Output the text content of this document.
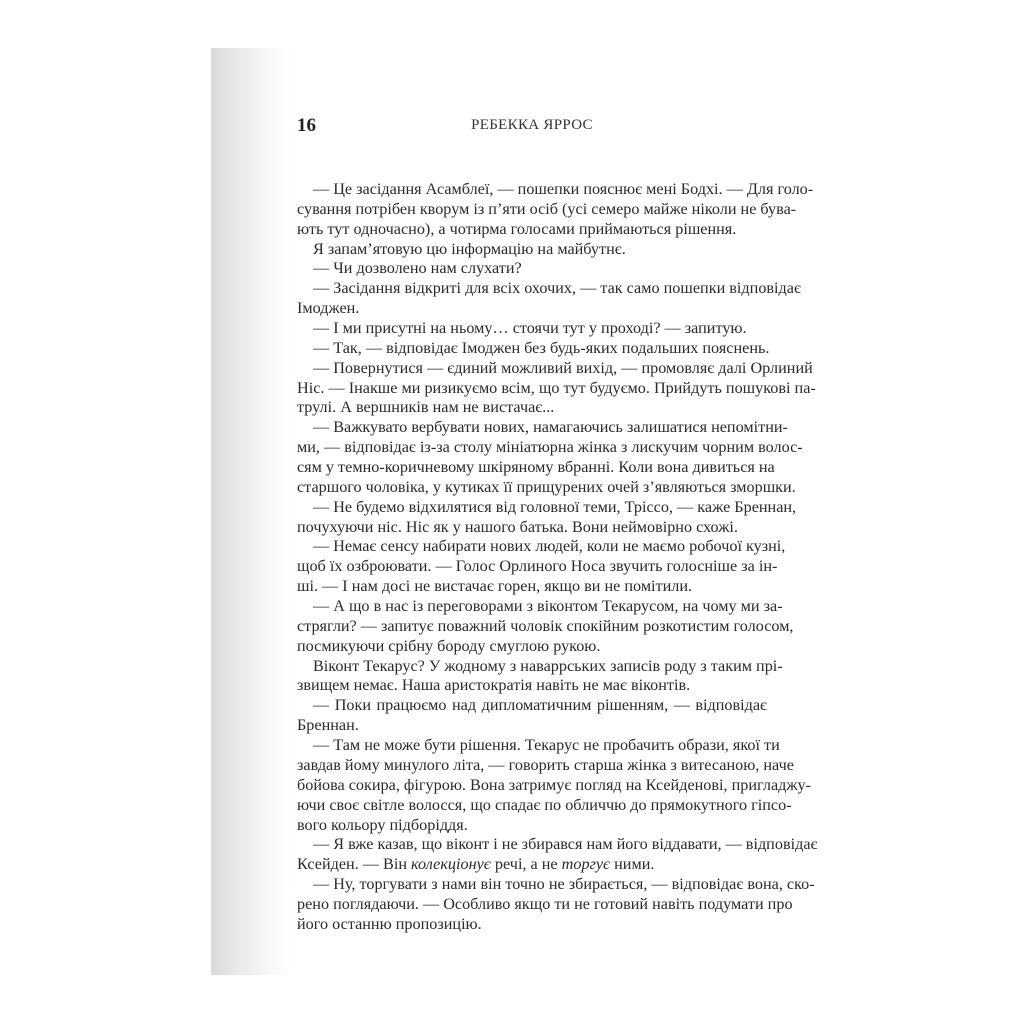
16	РЕБЕККА ЯРРОС
— Це засідання Асамблеї, — пошепки пояснює мені Бодхі. — Для голо-
сування потрібен кворум із п’яти осіб (усі семеро майже ніколи не бува-
ють тут одночасно), а чотирма голосами приймаються рішення.
Я запам’ятовую цю інформацію на майбутнє.
— Чи дозволено нам слухати?
— Засідання відкриті для всіх охочих, — так само пошепки відповідає
Імоджен.
— І ми присутні на ньому… стоячи тут у проході? — запитую.
— Так, — відповідає Імоджен без будь-яких подальших пояснень.
— Повернутися — єдиний можливий вихід, — промовляє далі Орлиний
Ніс. — Інакше ми ризикуємо всім, що тут будуємо. Прийдуть пошукові па-
трулі. А вершників нам не вистачає...
— Важкувато вербувати нових, намагаючись залишатися непомітни-
ми, — відповідає із-за столу мініатюрна жінка з лискучим чорним волос-
сям у темно-коричневому шкіряному вбранні. Коли вона дивиться на
старшого чоловіка, у кутиках її прищурених очей з’являються зморшки.
— Не будемо відхилятися від головної теми, Тріссо, — каже Бреннан,
почухуючи ніс. Ніс як у нашого батька. Вони неймовірно схожі.
— Немає сенсу набирати нових людей, коли не маємо робочої кузні,
щоб їх озброювати. — Голос Орлиного Носа звучить голосніше за ін-
ші. — І нам досі не вистачає горен, якщо ви не помітили.
— А що в нас із переговорами з віконтом Текарусом, на чому ми за-
стрягли? — запитує поважний чоловік спокійним розкотистим голосом,
посмикуючи срібну бороду смуглою рукою.
Віконт Текарус? У жодному з наваррських записів роду з таким прі-
звищем немає. Наша аристократія навіть не має віконтів.
— Поки працюємо над дипломатичним рішенням, — відповідає
Бреннан.
— Там не може бути рішення. Текарус не пробачить образи, якої ти
завдав йому минулого літа, — говорить старша жінка з витесаною, наче
бойова сокира, фігурою. Вона затримує погляд на Ксейденові, пригладжу-
ючи своє світле волосся, що спадає по обличчю до прямокутного гіпсо-
вого кольору підборіддя.
— Я вже казав, що віконт і не збирався нам його віддавати, — відповідає
Ксейден. — Він колекціонує речі, а не торгує ними.
— Ну, торгувати з нами він точно не збирається, — відповідає вона, ско-
рено поглядаючи. — Особливо якщо ти не готовий навіть подумати про
його останню пропозицію.
